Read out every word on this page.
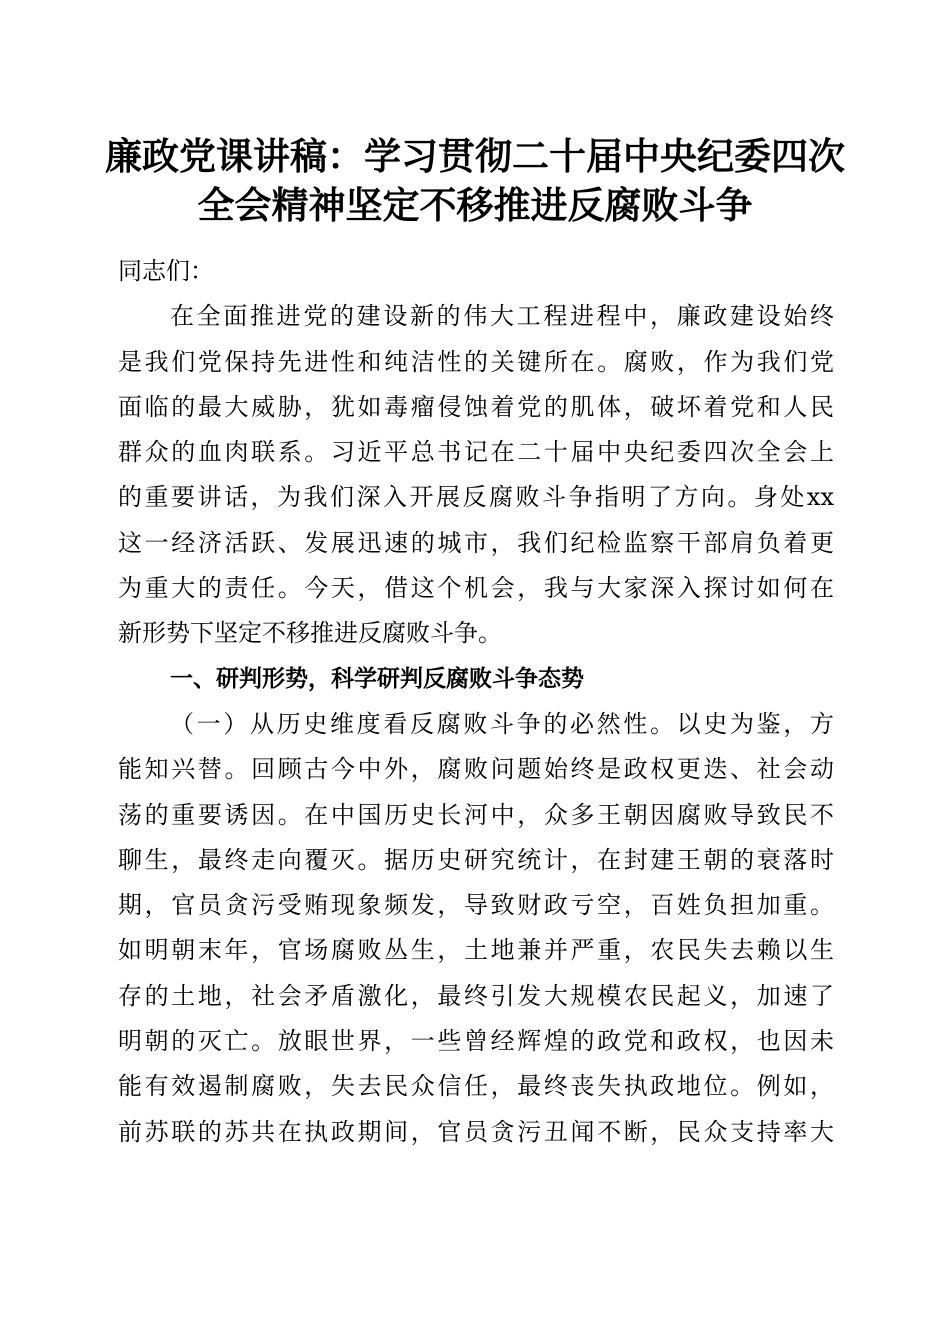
廉政党课讲稿：学习贯彻二十届中央纪委四次
全会精神坚定不移推进反腐败斗争
同志们：
在全面推进党的建设新的伟大工程进程中，廉政建设始终
是我们党保持先进性和纯洁性的关键所在。腐败，作为我们党
面临的最大威胁，犹如毒瘤侵蚀着党的肌体，破坏着党和人民
群众的血肉联系。习近平总书记在二十届中央纪委四次全会上
的重要讲话，为我们深入开展反腐败斗争指明了方向。身处xx
这一经济活跃、发展迅速的城市，我们纪检监察干部肩负着更
为重大的责任。今天，借这个机会，我与大家深入探讨如何在
新形势下坚定不移推进反腐败斗争。
一、研判形势，科学研判反腐败斗争态势
（一）从历史维度看反腐败斗争的必然性。以史为鉴，方
能知兴替。回顾古今中外，腐败问题始终是政权更迭、社会动
荡的重要诱因。在中国历史长河中，众多王朝因腐败导致民不
聊生，最终走向覆灭。据历史研究统计，在封建王朝的衰落时
期，官员贪污受贿现象频发，导致财政亏空，百姓负担加重。
如明朝末年，官场腐败丛生，土地兼并严重，农民失去赖以生
存的土地，社会矛盾激化，最终引发大规模农民起义，加速了
明朝的灭亡。放眼世界，一些曾经辉煌的政党和政权，也因未
能有效遏制腐败，失去民众信任，最终丧失执政地位。例如，
前苏联的苏共在执政期间，官员贪污丑闻不断，民众支持率大
